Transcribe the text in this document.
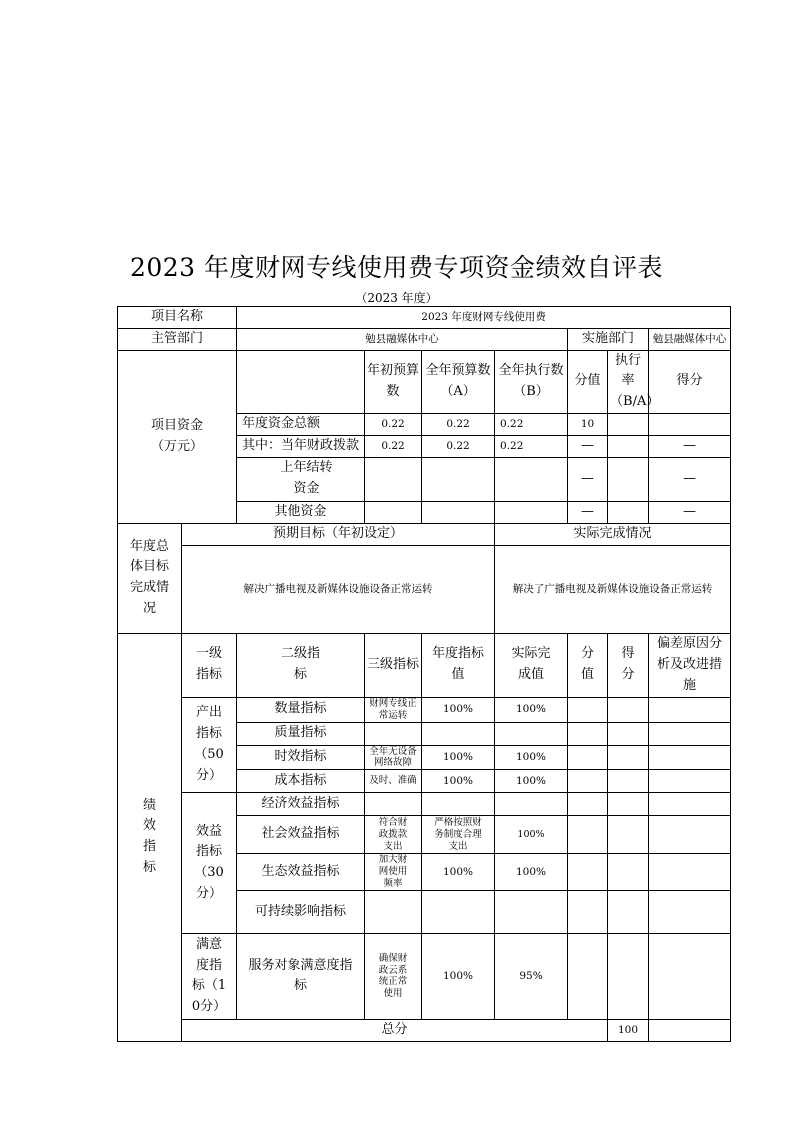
2023 年度财网专线使用费专项资金绩效自评表
（2023 年度）
项目名称		2023 年度财网专线使用费							
主管部门		勉县融媒体中心				实施部门		勉县融媒体中心	
项目资金（万元）			年初预算数	全年预算数（A）	全年执行数（B）	分值	执行率（B/A）	得分	
		年度资金总额	0.22	0.22	0.22	10			
		其中：当年财政拨款	0.22	0.22	0.22	—		—	
		上年结转资金				—		—	
		其他资金				—		—	
年度总体目标完成情况	预期目标（年初设定）				实际完成情况				
	解决广播电视及新媒体设施设备正常运转				解决了广播电视及新媒体设施设备正常运转				
绩效指标	一级指标	二级指标	三级指标	年度指标值	实际完成值	分值	得分	偏差原因分析及改进措施	
	产出指标（50分）	数量指标	财网专线正常运转	100%	100%				
		质量指标							
		时效指标	全年无设备网络故障	100%	100%				
		成本指标	及时、准确	100%	100%				
	效益指标（30分）	经济效益指标							
		社会效益指标	符合财政拨款支出	严格按照财务制度合理支出	100%				
		生态效益指标	加大财网使用频率	100%	100%				
		可持续影响指标							
	满意度指标（10分）	服务对象满意度指标	确保财政云系统正常使用	100%	95%				
	总分						100		
